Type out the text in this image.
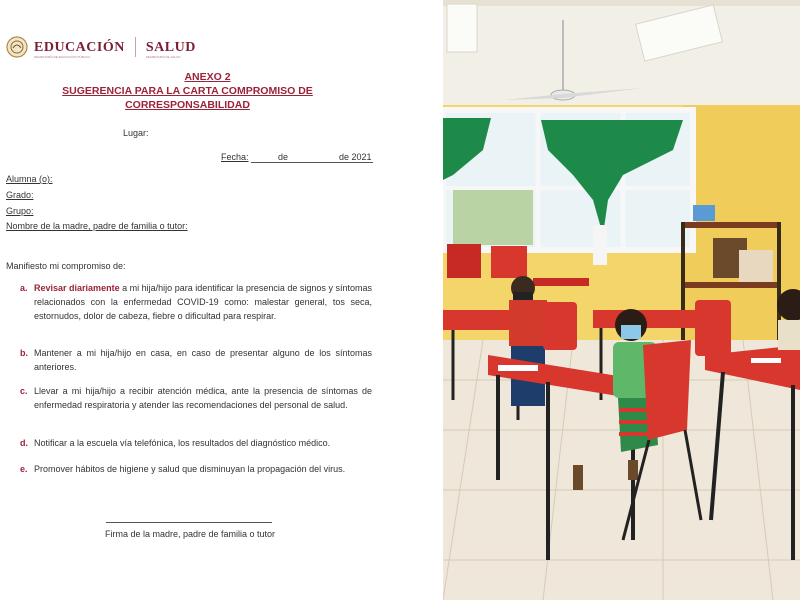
EDUCACIÓN
SECRETARÍA DE EDUCACIÓN PÚBLICA
SALUD
SECRETARÍA DE SALUD
ANEXO 2
SUGERENCIA PARA LA CARTA COMPROMISO DE
CORRESPONSABILIDAD
Lugar:
Fecha:	de	de 2021
Alumna (o):
Grado:
Grupo:
Nombre de la madre, padre de familia o tutor:
Manifiesto mi compromiso de:
a. Revisar diariamente a mi hija/hijo para identificar la presencia de signos y síntomas relacionados con la enfermedad COVID-19 como: malestar general, tos seca, estornudos, dolor de cabeza, fiebre o dificultad para respirar.
b. Mantener a mi hija/hijo en casa, en caso de presentar alguno de los síntomas anteriores.
c. Llevar a mi hija/hijo a recibir atención médica, ante la presencia de síntomas de enfermedad respiratoria y atender las recomendaciones del personal de salud.
d. Notificar a la escuela vía telefónica, los resultados del diagnóstico médico.
e. Promover hábitos de higiene y salud que disminuyan la propagación del virus.
Firma de la madre, padre de familia o tutor
